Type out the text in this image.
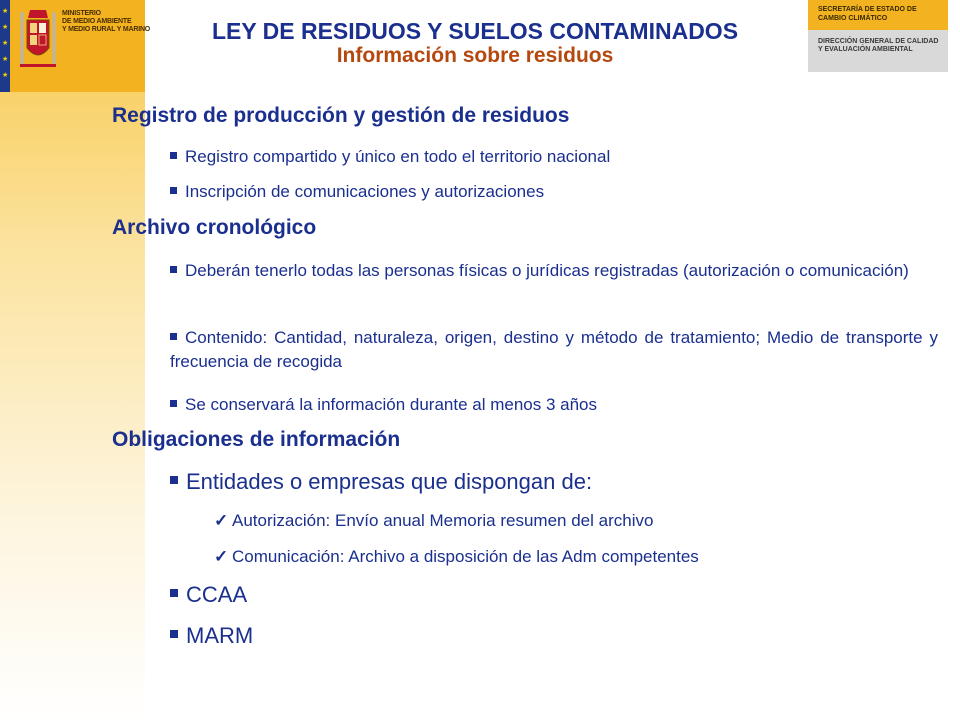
★
★
★
★
★
MINISTERIO
DE MEDIO AMBIENTE
Y MEDIO RURAL Y MARINO	LEY DE RESIDUOS Y SUELOS CONTAMINADOS
Información sobre residuos
SECRETARÍA DE ESTADO DE CAMBIO CLIMÁTICO
DIRECCIÓN GENERAL DE CALIDAD Y EVALUACIÓN AMBIENTAL
Registro de producción y gestión de residuos
Registro compartido y único en todo el territorio nacional
Inscripción de comunicaciones y autorizaciones
Archivo cronológico
Deberán tenerlo todas las personas físicas o jurídicas registradas (autorización o comunicación)
Contenido: Cantidad, naturaleza, origen, destino y método de tratamiento; Medio de transporte y frecuencia de recogida
Se conservará la información durante al menos 3 años
Obligaciones de información
Entidades o empresas que dispongan de:
✓ Autorización: Envío anual Memoria resumen del archivo
✓ Comunicación: Archivo a disposición de las Adm competentes
CCAA
MARM
